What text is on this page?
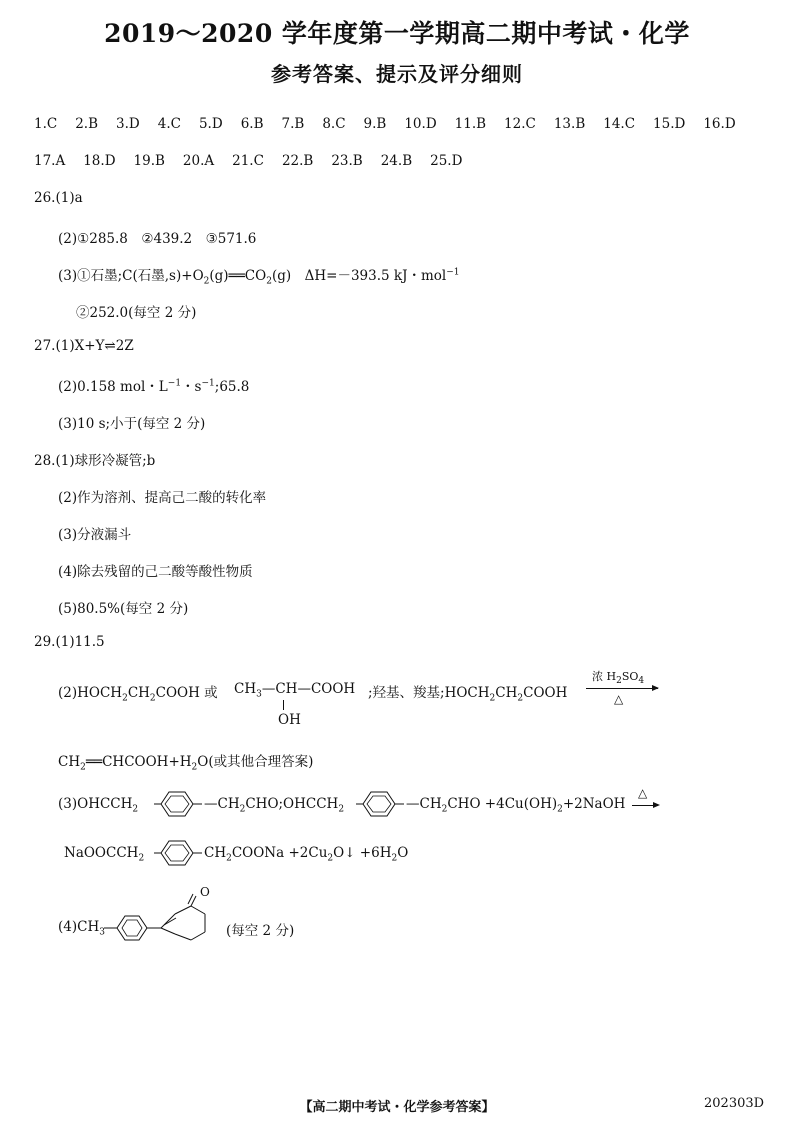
2019～2020 学年度第一学期高二期中考试・化学
参考答案、提示及评分细则
1.C 2.B 3.D 4.C 5.D 6.B 7.B 8.C 9.B 10.D 11.B 12.C 13.B 14.C 15.D 16.D
17.A 18.D 19.B 20.A 21.C 22.B 23.B 24.B 25.D
26.(1)a
(2)①285.8　②439.2　③571.6
(3)①石墨;C(石墨$,s)+O_2(g)══CO_2(g)$　ΔH=－393.5 kJ・mol$^{-1}$
②252.0(每空 2 分)
27.(1)X+Y⇌2Z
(2)0.158 mol・$L^{-1}$・$s^{-1};65.8$
(3)10 s;小于(每空 2 分)
28.(1)球形冷凝管;b
(2)作为溶剂、提高己二酸的转化率
(3)分液漏斗
(4)除去残留的己二酸等酸性物质
(5)80.5%(每空 2 分)
29.(1)11.5
$(2)HOCH_2CH_2COOH$ 或 $CH_3—CH—COOH$
OH
;羟基、羧基$;HOCH_2CH_2COOH$
浓 $H_2SO_4$
△
$CH_2══CHCOOH+H_2O$(或其他合理答案)
$(3)OHCCH_2$	$—CH_2CHO;OHCCH_2$	$—CH_2CHO$ $+4Cu(OH)_2+2NaOH$
△
NaOOCCH$_2$	$CH_2COONa$ $+2Cu_2O↓ +6H_2O$
$(4)CH_3$
O
(每空 2 分)
【高二期中考试・化学参考答案】	202303D
